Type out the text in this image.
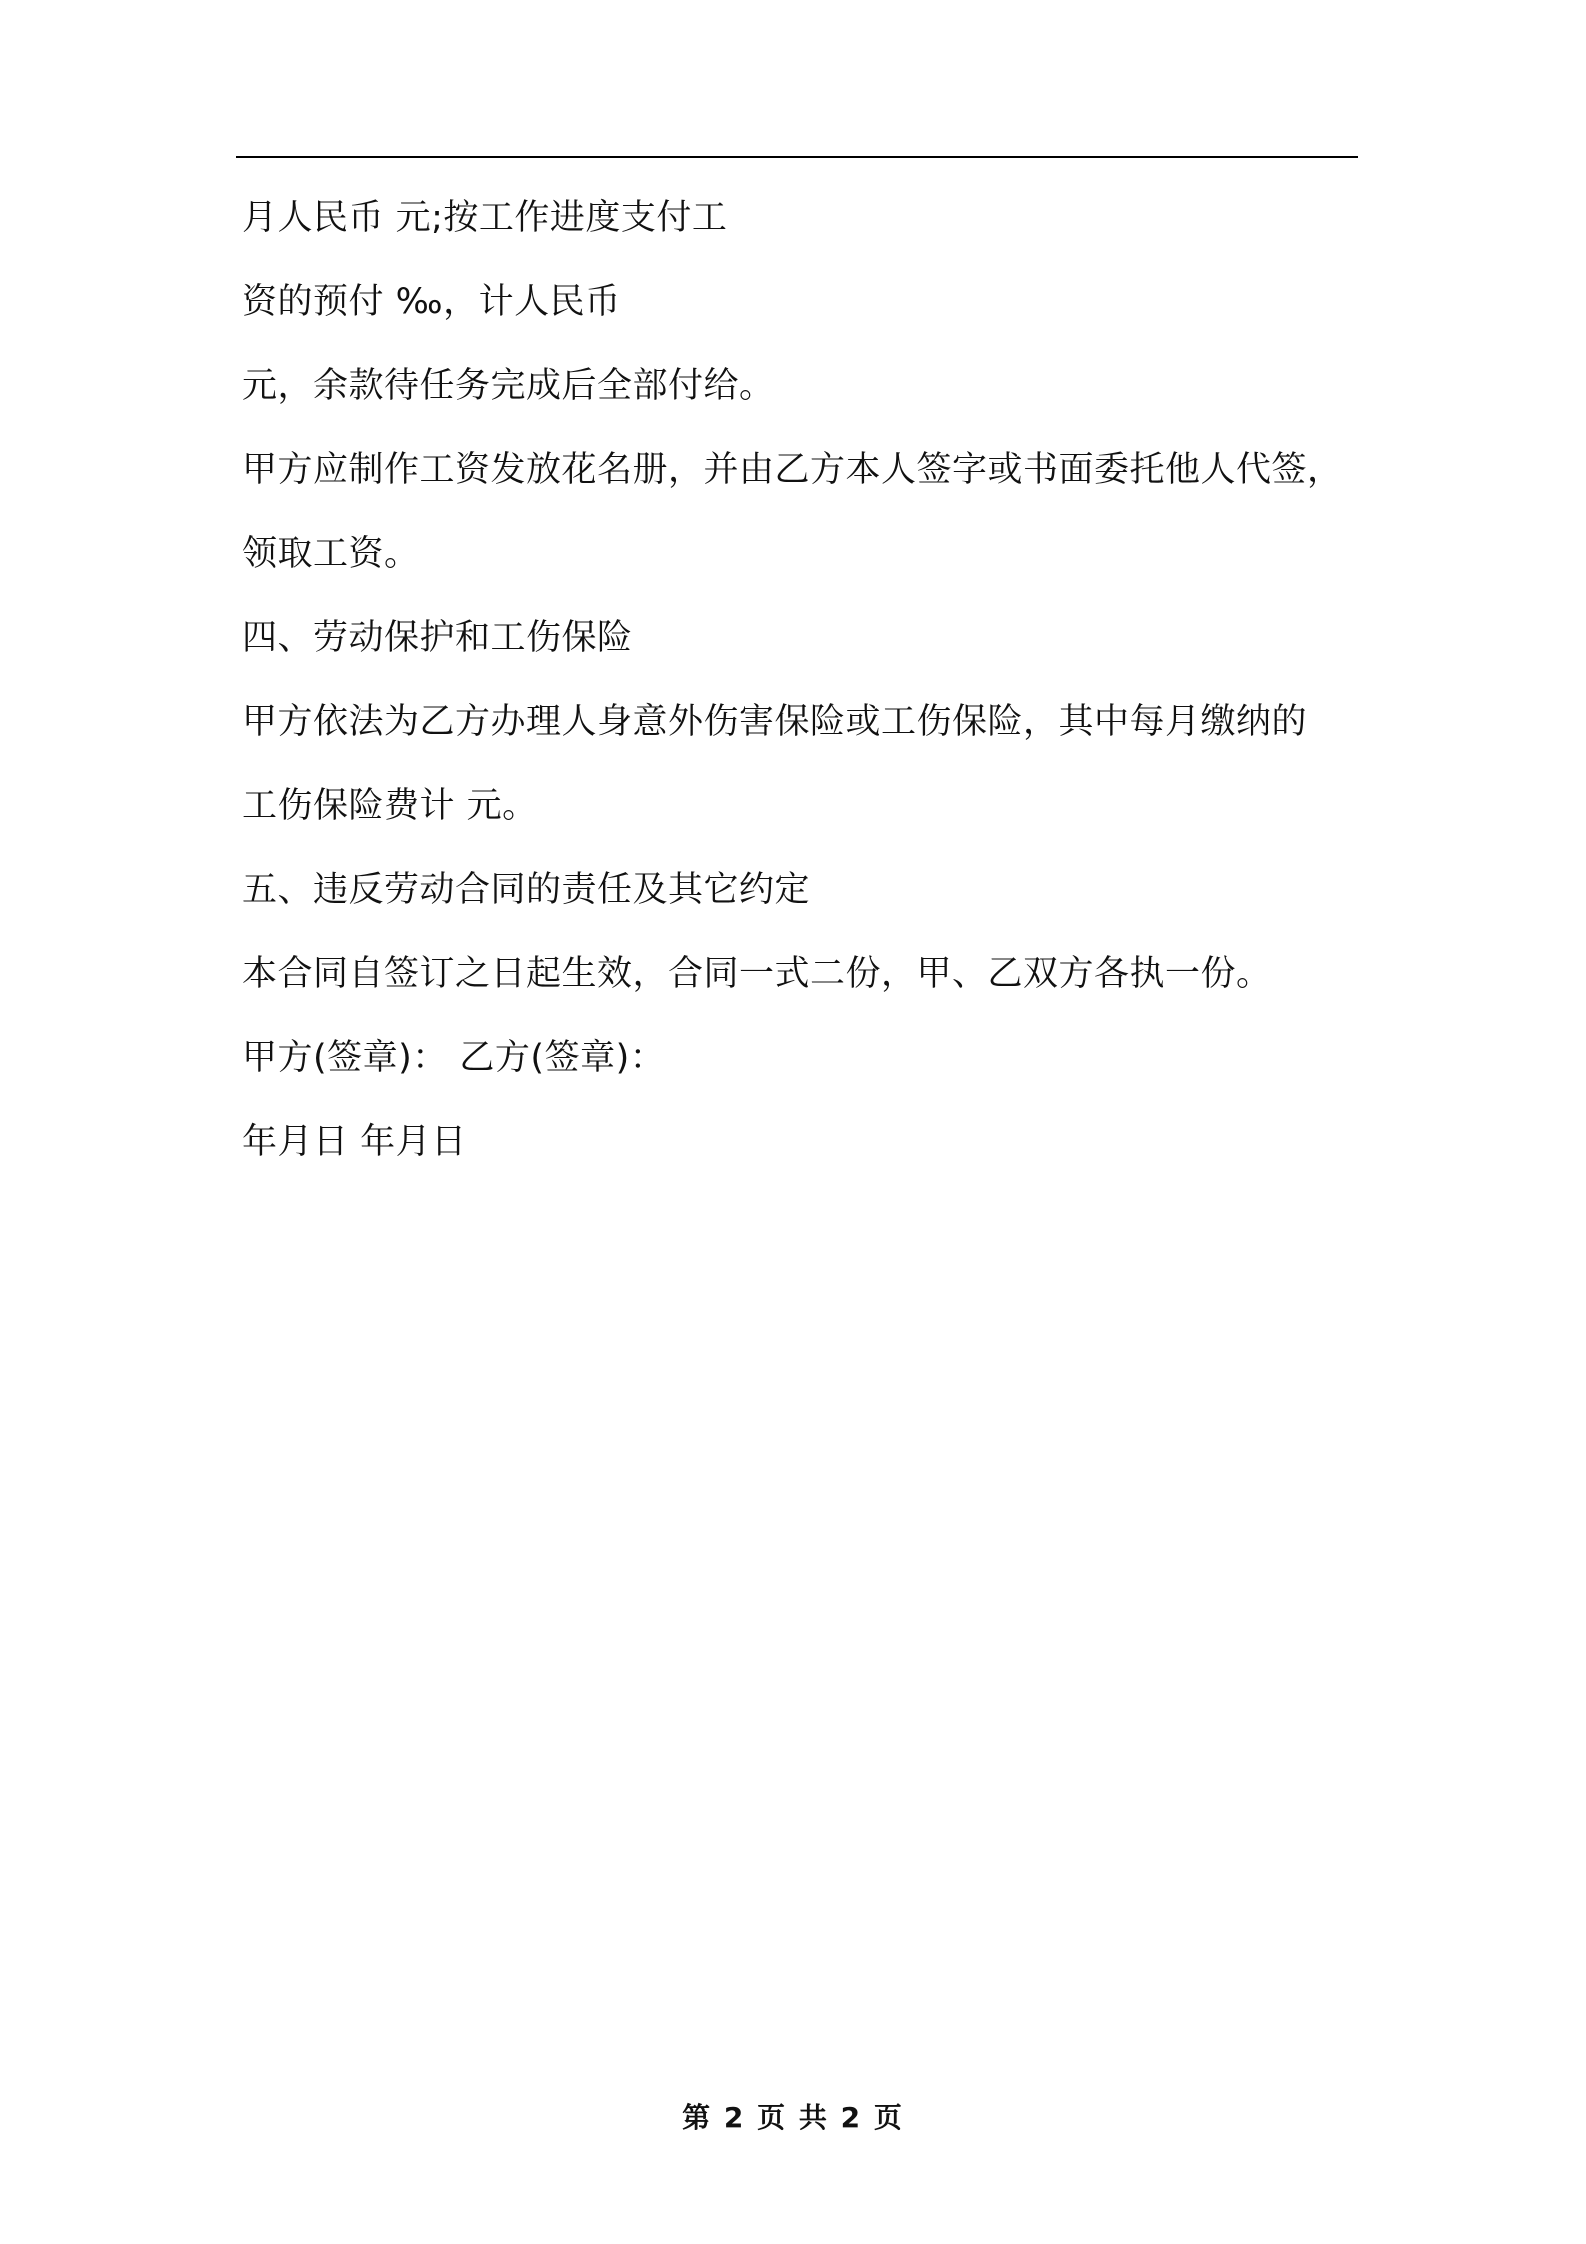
月人民币 元;按工作进度支付工
资的预付 ‰，计人民币
元，余款待任务完成后全部付给。
甲方应制作工资发放花名册，并由乙方本人签字或书面委托他人代签，
领取工资。
四、劳动保护和工伤保险
甲方依法为乙方办理人身意外伤害保险或工伤保险，其中每月缴纳的
工伤保险费计 元。
五、违反劳动合同的责任及其它约定
本合同自签订之日起生效，合同一式二份，甲、乙双方各执一份。
甲方(签章)： 乙方(签章)：
年月日 年月日
第 2 页 共 2 页
